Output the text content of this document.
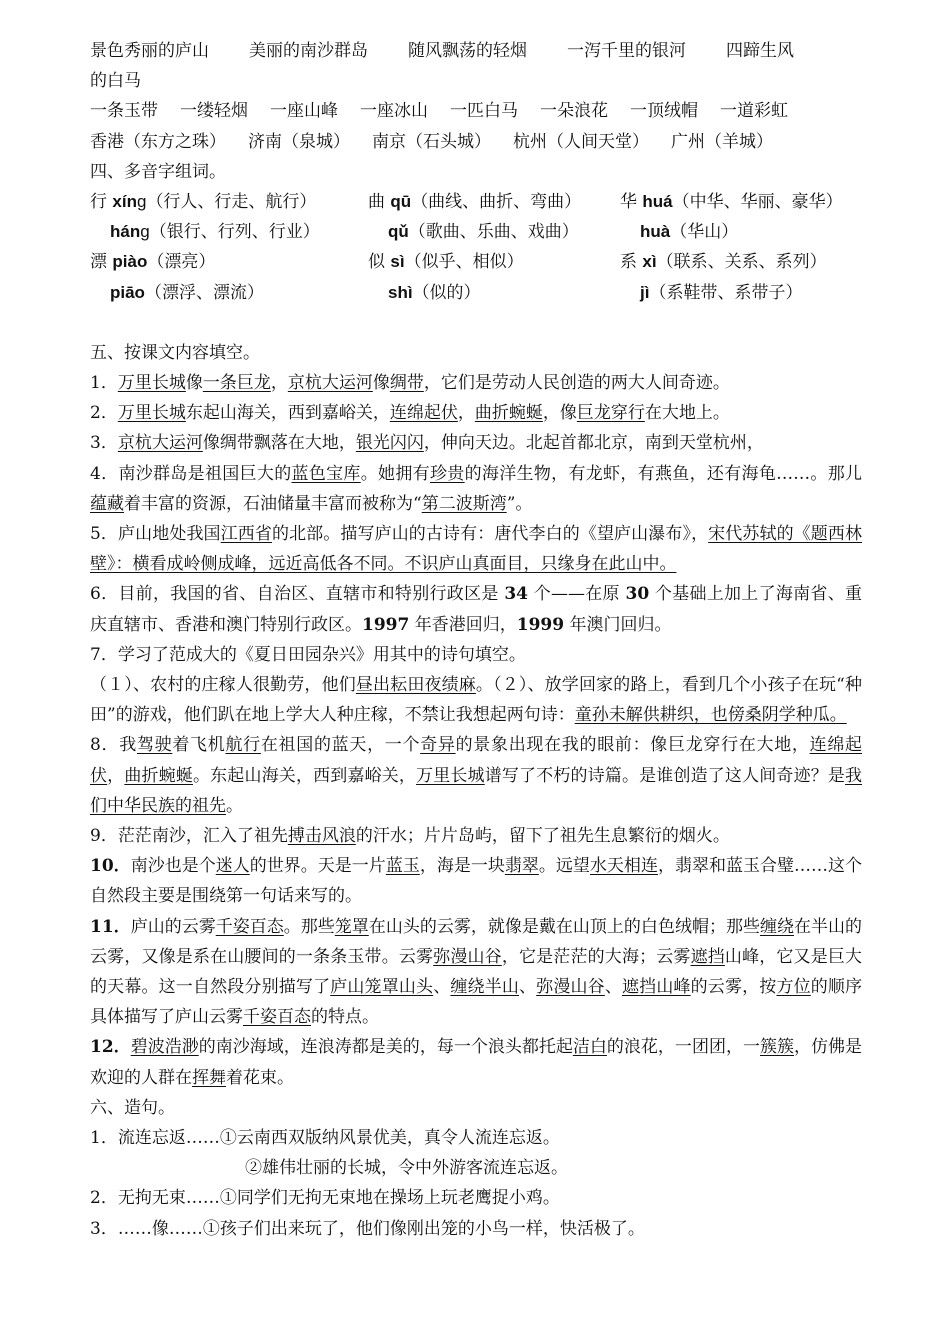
景色秀丽的庐山 美丽的南沙群岛 随风飘荡的轻烟 一泻千里的银河 四蹄生风
的白马
一条玉带 一缕轻烟 一座山峰 一座冰山 一匹白马 一朵浪花 一顶绒帽 一道彩虹
香港（东方之珠） 济南（泉城） 南京（石头城） 杭州（人间天堂） 广州（羊城）
四、多音字组词。
行 xíng（行人、行走、航行）	曲 qū（曲线、曲折、弯曲） 华 huá（中华、华丽、豪华）
háng（银行、行列、行业）	qǔ（歌曲、乐曲、戏曲）	huà（华山）
漂 piào（漂亮）	似 sì（似乎、相似）	系 xì（联系、关系、系列）
piāo（漂浮、漂流）	shì（似的）	jì（系鞋带、系带子）
五、按课文内容填空。
1．万里长城像一条巨龙，京杭大运河像绸带，它们是劳动人民创造的两大人间奇迹。
2．万里长城东起山海关，西到嘉峪关，连绵起伏，曲折蜿蜒，像巨龙穿行在大地上。
3．京杭大运河像绸带飘落在大地，银光闪闪，伸向天边。北起首都北京，南到天堂杭州，
4．南沙群岛是祖国巨大的蓝色宝库。她拥有珍贵的海洋生物，有龙虾，有燕鱼，还有海龟……。那儿蕴藏着丰富的资源，石油储量丰富而被称为“第二波斯湾”。
5．庐山地处我国江西省的北部。描写庐山的古诗有：唐代李白的《望庐山瀑布》，宋代苏轼的《题西林壁》：横看成岭侧成峰，远近高低各不同。不识庐山真面目，只缘身在此山中。
6．目前，我国的省、自治区、直辖市和特别行政区是 34 个——在原 30 个基础上加上了海南省、重庆直辖市、香港和澳门特别行政区。1997 年香港回归，1999 年澳门回归。
7．学习了范成大的《夏日田园杂兴》用其中的诗句填空。
（１）、农村的庄稼人很勤劳，他们昼出耘田夜绩麻。（２）、放学回家的路上，看到几个小孩子在玩“种田”的游戏，他们趴在地上学大人种庄稼，不禁让我想起两句诗：童孙未解供耕织，也傍桑阴学种瓜。
8．我驾驶着飞机航行在祖国的蓝天，一个奇异的景象出现在我的眼前：像巨龙穿行在大地，连绵起伏，曲折蜿蜒。东起山海关，西到嘉峪关，万里长城谱写了不朽的诗篇。是谁创造了这人间奇迹？是我们中华民族的祖先。
9．茫茫南沙，汇入了祖先搏击风浪的汗水；片片岛屿，留下了祖先生息繁衍的烟火。
10．南沙也是个迷人的世界。天是一片蓝玉，海是一块翡翠。远望水天相连，翡翠和蓝玉合璧……这个自然段主要是围绕第一句话来写的。
11．庐山的云雾千姿百态。那些笼罩在山头的云雾，就像是戴在山顶上的白色绒帽；那些缠绕在半山的云雾，又像是系在山腰间的一条条玉带。云雾弥漫山谷，它是茫茫的大海；云雾遮挡山峰，它又是巨大的天幕。这一自然段分别描写了庐山笼罩山头、缠绕半山、弥漫山谷、遮挡山峰的云雾，按方位的顺序具体描写了庐山云雾千姿百态的特点。
12．碧波浩渺的南沙海域，连浪涛都是美的，每一个浪头都托起洁白的浪花，一团团，一簇簇，仿佛是欢迎的人群在挥舞着花束。
六、造句。
1．流连忘返……①云南西双版纳风景优美，真令人流连忘返。
②雄伟壮丽的长城，令中外游客流连忘返。
2．无拘无束……①同学们无拘无束地在操场上玩老鹰捉小鸡。
3．……像……①孩子们出来玩了，他们像刚出笼的小鸟一样，快活极了。
